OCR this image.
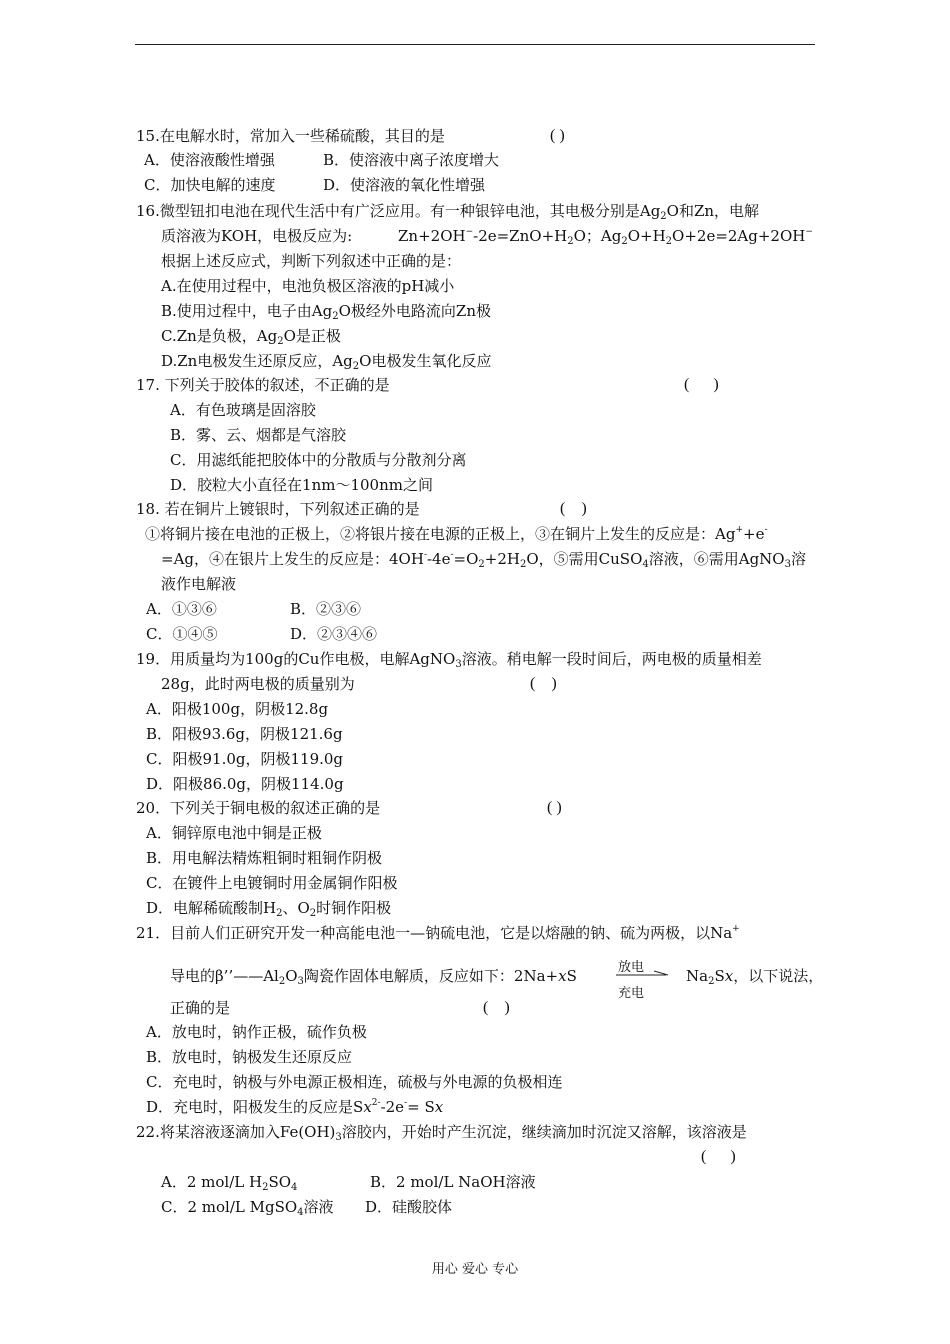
15.在电解水时，常加入一些稀硫酸，其目的是	( )
A．使溶液酸性增强	B．使溶液中离子浓度增大
C．加快电解的速度	D．使溶液的氧化性增强
16.微型钮扣电池在现代生活中有广泛应用。有一种银锌电池，其电极分别是$Ag_2O$和Zn，电解
质溶液为KOH，电极反应为:	$Zn+2OH^--2e=ZnO+H_2O$；$Ag_2O+H_2O+2e=2Ag+2OH^-$
根据上述反应式，判断下列叙述中正确的是：
A.在使用过程中，电池负极区溶液的pH减小
B.使用过程中，电子由$Ag_2O$极经外电路流向Zn极
C.Zn是负极，$Ag_2O$是正极
D.Zn电极发生还原反应，$Ag_2O$电极发生氧化反应
17. 下列关于胶体的叙述，不正确的是	(      )
A．有色玻璃是固溶胶
B．雾、云、烟都是气溶胶
C．用滤纸能把胶体中的分散质与分散剂分离
D．胶粒大小直径在1nm～100nm之间
18. 若在铜片上镀银时，下列叙述正确的是	(    )
①将铜片接在电池的正极上，②将银片接在电源的正极上，③在铜片上发生的反应是：Ag++e-
=Ag，④在银片上发生的反应是：$4OH^--4e^-=O_2+2H_2O$，⑤需用CuSO$_4$溶液，⑥需用AgNO$_3$溶
液作电解液
A．①③⑥	B．②③⑥
C．①④⑤	D．②③④⑥
19．用质量均为100g的Cu作电极，电解AgNO$_3$溶液。稍电解一段时间后，两电极的质量相差
28g，此时两电极的质量别为	(    )
A．阳极100g，阴极12.8g
B．阳极93.6g，阴极121.6g
C．阳极91.0g，阴极119.0g
D．阳极86.0g，阴极114.0g
20．下列关于铜电极的叙述正确的是	( )
A．铜锌原电池中铜是正极
B．用电解法精炼粗铜时粗铜作阴极
C．在镀件上电镀铜时用金属铜作阳极
D．电解稀硫酸制$H_2$、$O_2$时铜作阳极
21．目前人们正研究开发一种高能电池一—钠硫电池，它是以熔融的钠、硫为两极，以Na+
导电的$\beta’’——Al_2O_3$陶瓷作固体电解质，反应如下：2Na+xS	放电
充电
$Na_2Sx$，以下说法，
正确的是	(    )
A．放电时，钠作正极，硫作负极
B．放电时，钠极发生还原反应
C．充电时，钠极与外电源正极相连，硫极与外电源的负极相连
D．充电时，阳极发生的反应是$Sx^{2-}-2e^-= Sx$
22.将某溶液逐滴加入$Fe(OH)_3$溶胶内，开始时产生沉淀，继续滴加时沉淀又溶解，该溶液是
(      )
A．2 mol/L $H_2SO_4$	B．2 mol/L NaOH溶液
C．2 mol/L MgSO$_4$溶液 D．硅酸胶体
用心 爱心 专心
